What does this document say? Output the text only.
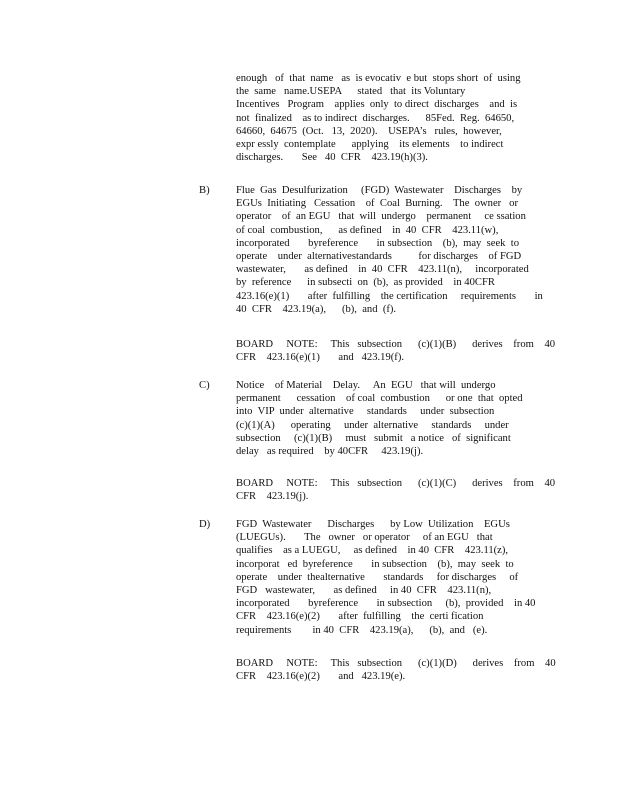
enough   of  that  name   as  is evocativ  e but  stops short  of  using
the  same   name.USEPA      stated   that  its Voluntary
Incentives   Program    applies  only  to direct  discharges    and  is
not  finalized    as to indirect  discharges.      85Fed.  Reg.  64650,
64660,  64675  (Oct.   13,  2020).    USEPA’s   rules,  however,
expr essly  contemplate      applying    its elements    to indirect
discharges.       See   40  CFR    423.19(h)(3).
B) Flue  Gas  Desulfurization     (FGD)  Wastewater    Discharges    by
EGUs  Initiating   Cessation    of  Coal  Burning.    The  owner   or
operator    of  an EGU   that  will  undergo    permanent     ce ssation
of coal  combustion,      as defined    in  40  CFR    423.11(w),
incorporated       byreference       in subsection    (b),  may  seek  to
operate    under  alternativestandards          for discharges    of FGD
wastewater,       as defined    in  40  CFR    423.11(n),     incorporated
by  reference      in subsecti  on  (b),  as provided    in 40CFR
423.16(e)(1)       after  fulfilling    the certification     requirements       in
40  CFR    423.19(a),      (b),  and  (f).
BOARD     NOTE:     This   subsection      (c)(1)(B)      derives    from    40
CFR    423.16(e)(1)       and   423.19(f).
C) Notice    of Material    Delay.     An  EGU   that will  undergo
permanent      cessation    of coal  combustion      or one  that  opted
into  VIP  under  alternative     standards     under  subsection
(c)(1)(A)      operating     under  alternative     standards     under
subsection     (c)(1)(B)     must   submit   a notice   of  significant
delay   as required    by 40CFR     423.19(j).
BOARD     NOTE:     This   subsection      (c)(1)(C)      derives    from    40
CFR    423.19(j).
D) FGD  Wastewater      Discharges      by Low  Utilization    EGUs
(LUEGUs).       The   owner   or operator     of an EGU   that
qualifies    as a LUEGU,     as defined    in 40  CFR    423.11(z),
incorporat   ed  byreference       in subsection    (b),  may  seek  to
operate    under  thealternative       standards     for discharges     of
FGD   wastewater,       as defined     in 40  CFR    423.11(n),
incorporated       byreference       in subsection     (b),  provided    in 40
CFR    423.16(e)(2)       after  fulfilling    the  certi fication
requirements        in 40  CFR    423.19(a),      (b),  and   (e).
BOARD     NOTE:     This   subsection      (c)(1)(D)      derives    from    40
CFR    423.16(e)(2)       and   423.19(e).
